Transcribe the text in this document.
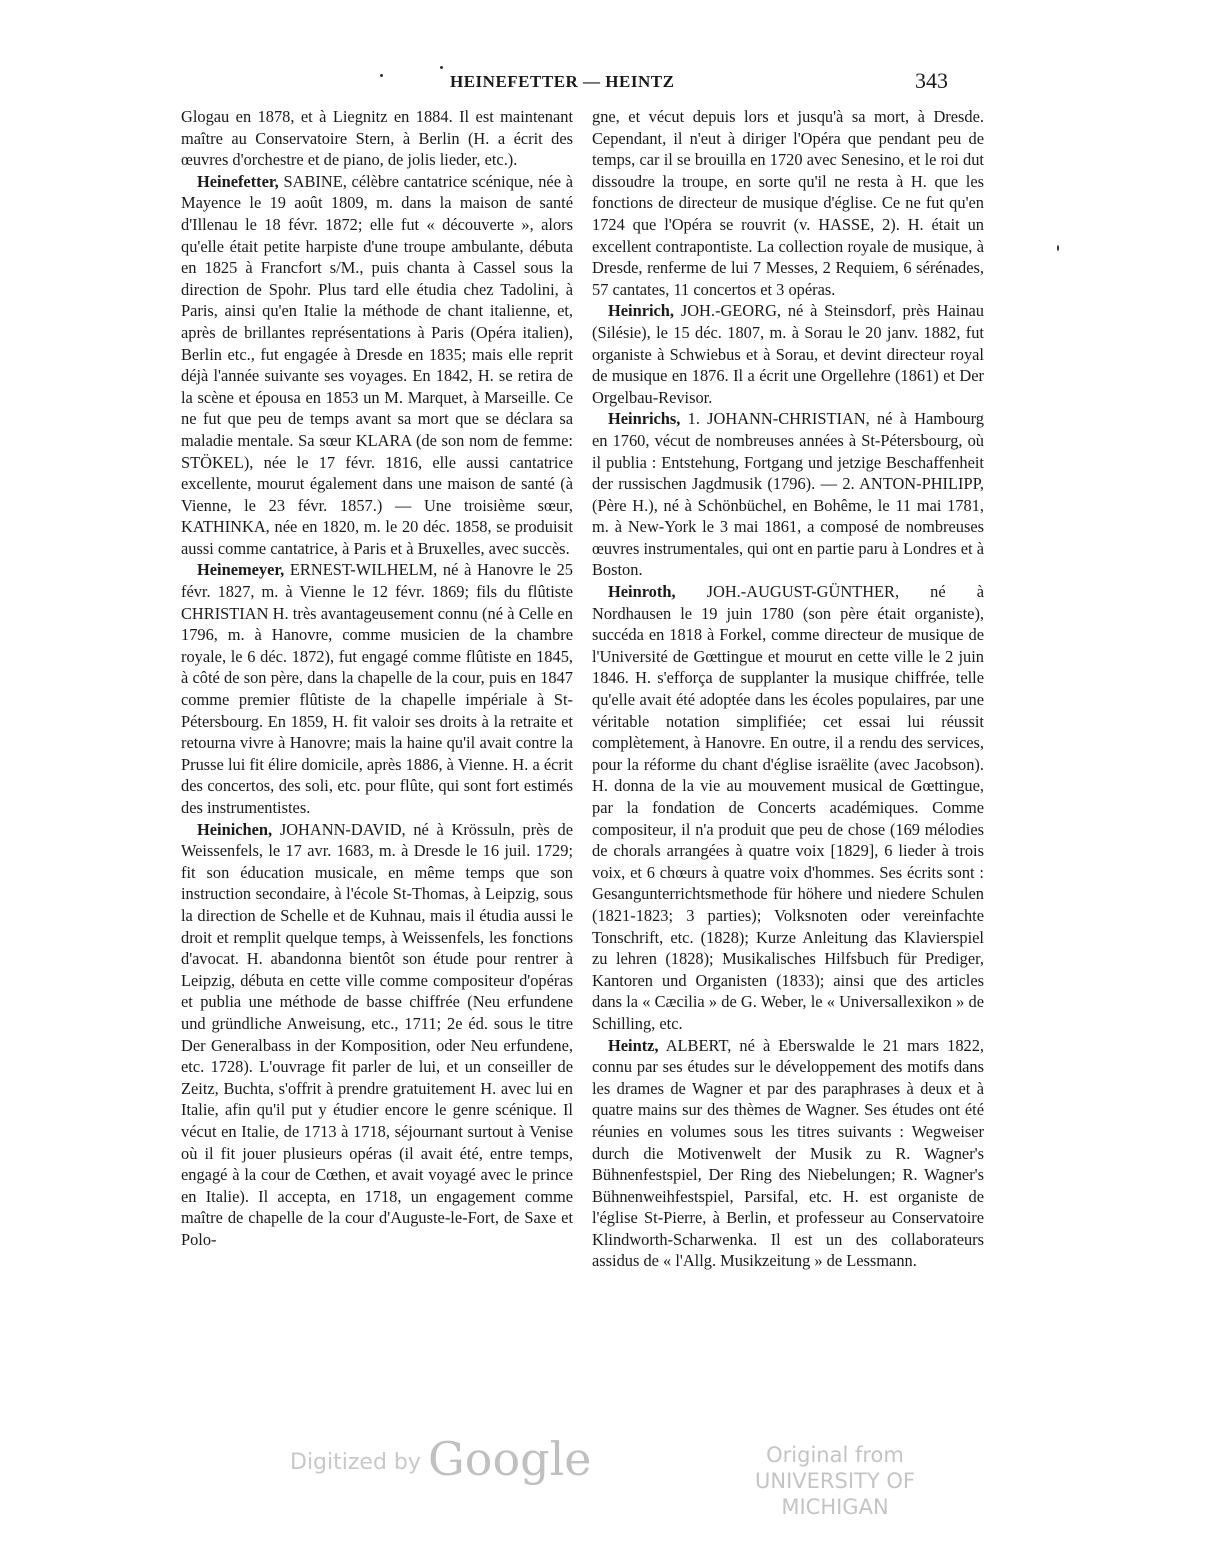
HEINEFETTER — HEINTZ	343

Glogau en 1878, et à Liegnitz en 1884. Il est maintenant maître au Conservatoire Stern, à Berlin (H. a écrit des œuvres d'orchestre et de piano, de jolis lieder, etc.).

Heinefetter, SABINE, célèbre cantatrice scénique, née à Mayence le 19 août 1809, m. dans la maison de santé d'Illenau le 18 févr. 1872; elle fut « découverte », alors qu'elle était petite harpiste d'une troupe ambulante, débuta en 1825 à Francfort s/M., puis chanta à Cassel sous la direction de Spohr. Plus tard elle étudia chez Tadolini, à Paris, ainsi qu'en Italie la méthode de chant italienne, et, après de brillantes représentations à Paris (Opéra italien), Berlin etc., fut engagée à Dresde en 1835; mais elle reprit déjà l'année suivante ses voyages. En 1842, H. se retira de la scène et épousa en 1853 un M. Marquet, à Marseille. Ce ne fut que peu de temps avant sa mort que se déclara sa maladie mentale. Sa sœur KLARA (de son nom de femme: STÖKEL), née le 17 févr. 1816, elle aussi cantatrice excellente, mourut également dans une maison de santé (à Vienne, le 23 févr. 1857.) — Une troisième sœur, KATHINKA, née en 1820, m. le 20 déc. 1858, se produisit aussi comme cantatrice, à Paris et à Bruxelles, avec succès.

Heinemeyer, ERNEST-WILHELM, né à Hanovre le 25 févr. 1827, m. à Vienne le 12 févr. 1869; fils du flûtiste CHRISTIAN H. très avantageusement connu (né à Celle en 1796, m. à Hanovre, comme musicien de la chambre royale, le 6 déc. 1872), fut engagé comme flûtiste en 1845, à côté de son père, dans la chapelle de la cour, puis en 1847 comme premier flûtiste de la chapelle impériale à St-Pétersbourg. En 1859, H. fit valoir ses droits à la retraite et retourna vivre à Hanovre; mais la haine qu'il avait contre la Prusse lui fit élire domicile, après 1886, à Vienne. H. a écrit des concertos, des soli, etc. pour flûte, qui sont fort estimés des instrumentistes.

Heinichen, JOHANN-DAVID, né à Krössuln, près de Weissenfels, le 17 avr. 1683, m. à Dresde le 16 juil. 1729; fit son éducation musicale, en même temps que son instruction secondaire, à l'école St-Thomas, à Leipzig, sous la direction de Schelle et de Kuhnau, mais il étudia aussi le droit et remplit quelque temps, à Weissenfels, les fonctions d'avocat. H. abandonna bientôt son étude pour rentrer à Leipzig, débuta en cette ville comme compositeur d'opéras et publia une méthode de basse chiffrée (Neu erfundene und gründliche Anweisung, etc., 1711; 2e éd. sous le titre Der Generalbass in der Komposition, oder Neu erfundene, etc. 1728). L'ouvrage fit parler de lui, et un conseiller de Zeitz, Buchta, s'offrit à prendre gratuitement H. avec lui en Italie, afin qu'il put y étudier encore le genre scénique. Il vécut en Italie, de 1713 à 1718, séjournant surtout à Venise où il fit jouer plusieurs opéras (il avait été, entre temps, engagé à la cour de Cœthen, et avait voyagé avec le prince en Italie). Il accepta, en 1718, un engagement comme maître de chapelle de la cour d'Auguste-le-Fort, de Saxe et Polo-

gne, et vécut depuis lors et jusqu'à sa mort, à Dresde. Cependant, il n'eut à diriger l'Opéra que pendant peu de temps, car il se brouilla en 1720 avec Senesino, et le roi dut dissoudre la troupe, en sorte qu'il ne resta à H. que les fonctions de directeur de musique d'église. Ce ne fut qu'en 1724 que l'Opéra se rouvrit (v. HASSE, 2). H. était un excellent contrapontiste. La collection royale de musique, à Dresde, renferme de lui 7 Messes, 2 Requiem, 6 sérénades, 57 cantates, 11 concertos et 3 opéras.

Heinrich, JOH.-GEORG, né à Steinsdorf, près Hainau (Silésie), le 15 déc. 1807, m. à Sorau le 20 janv. 1882, fut organiste à Schwiebus et à Sorau, et devint directeur royal de musique en 1876. Il a écrit une Orgellehre (1861) et Der Orgelbau-Revisor.

Heinrichs, 1. JOHANN-CHRISTIAN, né à Hambourg en 1760, vécut de nombreuses années à St-Pétersbourg, où il publia : Entstehung, Fortgang und jetzige Beschaffenheit der russischen Jagdmusik (1796). — 2. ANTON-PHILIPP, (Père H.), né à Schönbüchel, en Bohême, le 11 mai 1781, m. à New-York le 3 mai 1861, a composé de nombreuses œuvres instrumentales, qui ont en partie paru à Londres et à Boston.

Heinroth, JOH.-AUGUST-GÜNTHER, né à Nordhausen le 19 juin 1780 (son père était organiste), succéda en 1818 à Forkel, comme directeur de musique de l'Université de Gœttingue et mourut en cette ville le 2 juin 1846. H. s'efforça de supplanter la musique chiffrée, telle qu'elle avait été adoptée dans les écoles populaires, par une véritable notation simplifiée; cet essai lui réussit complètement, à Hanovre. En outre, il a rendu des services, pour la réforme du chant d'église israëlite (avec Jacobson). H. donna de la vie au mouvement musical de Gœttingue, par la fondation de Concerts académiques. Comme compositeur, il n'a produit que peu de chose (169 mélodies de chorals arrangées à quatre voix [1829], 6 lieder à trois voix, et 6 chœurs à quatre voix d'hommes. Ses écrits sont : Gesangunterrichtsmethode für höhere und niedere Schulen (1821-1823; 3 parties); Volksnoten oder vereinfachte Tonschrift, etc. (1828); Kurze Anleitung das Klavierspiel zu lehren (1828); Musikalisches Hilfsbuch für Prediger, Kantoren und Organisten (1833); ainsi que des articles dans la « Cæcilia » de G. Weber, le « Universallexikon » de Schilling, etc.

Heintz, ALBERT, né à Eberswalde le 21 mars 1822, connu par ses études sur le développement des motifs dans les drames de Wagner et par des paraphrases à deux et à quatre mains sur des thèmes de Wagner. Ses études ont été réunies en volumes sous les titres suivants : Wegweiser durch die Motivenwelt der Musik zu R. Wagner's Bühnenfestspiel, Der Ring des Niebelungen; R. Wagner's Bühnenweihfestspiel, Parsifal, etc. H. est organiste de l'église St-Pierre, à Berlin, et professeur au Conservatoire Klindworth-Scharwenka. Il est un des collaborateurs assidus de « l'Allg. Musikzeitung » de Lessmann.

Digitized by Google	Original from
UNIVERSITY OF MICHIGAN
